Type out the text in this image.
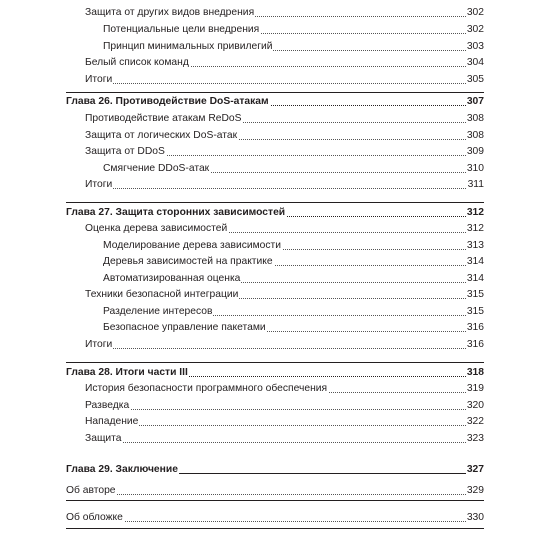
Защита от других видов внедрения	302
Потенциальные цели внедрения	302
Принцип минимальных привилегий	303
Белый список команд	304
Итоги	305
Глава 26. Противодействие DoS-атакам	307
Противодействие атакам ReDoS	308
Защита от логических DoS-атак	308
Защита от DDoS	309
Смягчение DDoS-атак	310
Итоги	311
Глава 27. Защита сторонних зависимостей	312
Оценка дерева зависимостей	312
Моделирование дерева зависимости	313
Деревья зависимостей на практике	314
Автоматизированная оценка	314
Техники безопасной интеграции	315
Разделение интересов	315
Безопасное управление пакетами	316
Итоги	316
Глава 28. Итоги части III	318
История безопасности программного обеспечения	319
Разведка	320
Нападение	322
Защита	323
Глава 29. Заключение	327
Об авторе	329
Об обложке	330
